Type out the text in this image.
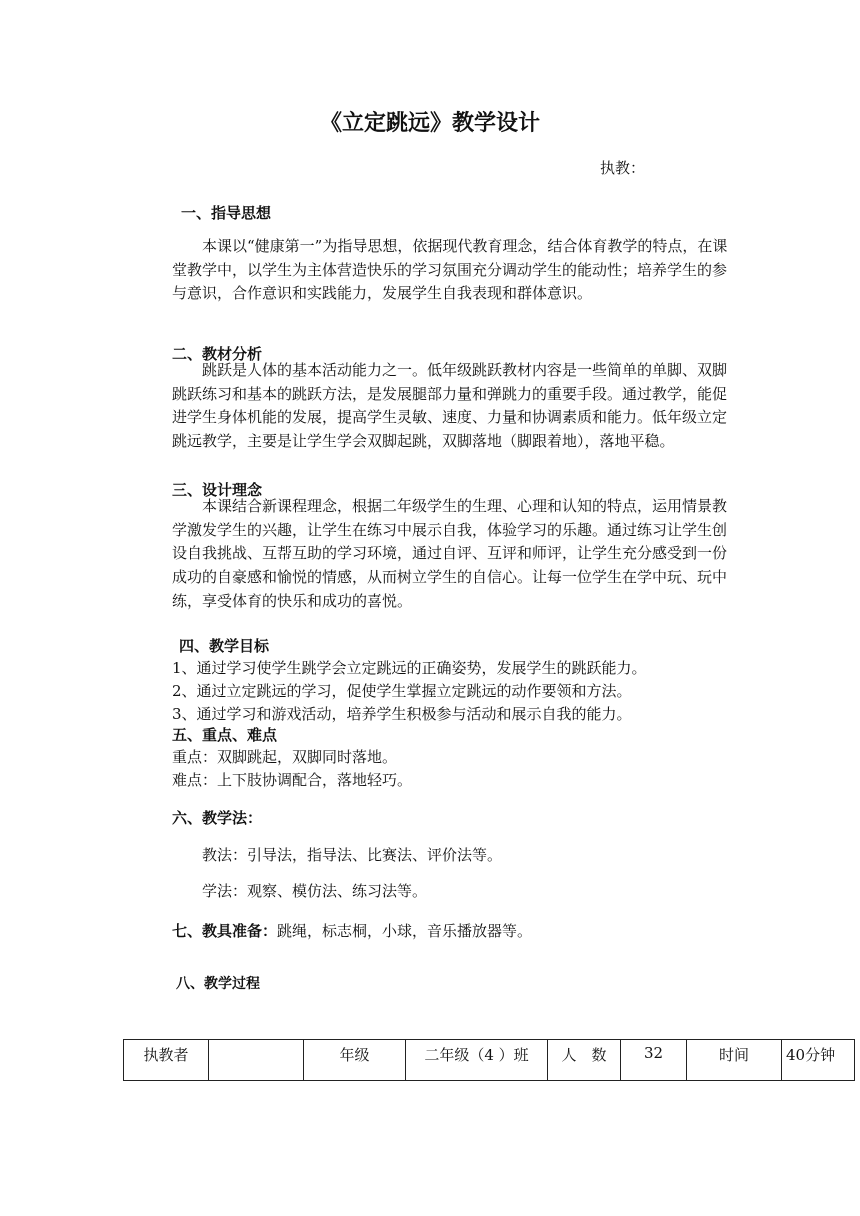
《立定跳远》教学设计
执教：
一、指导思想
本课以“健康第一”为指导思想，依据现代教育理念，结合体育教学的特点，在课堂教学中，以学生为主体营造快乐的学习氛围充分调动学生的能动性；培养学生的参与意识，合作意识和实践能力，发展学生自我表现和群体意识。
二、教材分析
跳跃是人体的基本活动能力之一。低年级跳跃教材内容是一些简单的单脚、双脚跳跃练习和基本的跳跃方法，是发展腿部力量和弹跳力的重要手段。通过教学，能促进学生身体机能的发展，提高学生灵敏、速度、力量和协调素质和能力。低年级立定跳远教学，主要是让学生学会双脚起跳，双脚落地（脚跟着地），落地平稳。
三、设计理念
本课结合新课程理念，根据二年级学生的生理、心理和认知的特点，运用情景教学激发学生的兴趣，让学生在练习中展示自我，体验学习的乐趣。通过练习让学生创设自我挑战、互帮互助的学习环境，通过自评、互评和师评，让学生充分感受到一份成功的自豪感和愉悦的情感，从而树立学生的自信心。让每一位学生在学中玩、玩中练，享受体育的快乐和成功的喜悦。
四、教学目标
1、通过学习使学生跳学会立定跳远的正确姿势，发展学生的跳跃能力。
2、通过立定跳远的学习，促使学生掌握立定跳远的动作要领和方法。
3、通过学习和游戏活动，培养学生积极参与活动和展示自我的能力。
五、重点、难点
重点：双脚跳起，双脚同时落地。
难点：上下肢协调配合，落地轻巧。
六、教学法：
教法：引导法，指导法、比赛法、评价法等。
学法：观察、模仿法、练习法等。
七、教具准备：跳绳，标志桐，小球，音乐播放器等。
八、教学过程
执教者		年级	二年级（4 ）班	人　数	32	时间	40分钟
